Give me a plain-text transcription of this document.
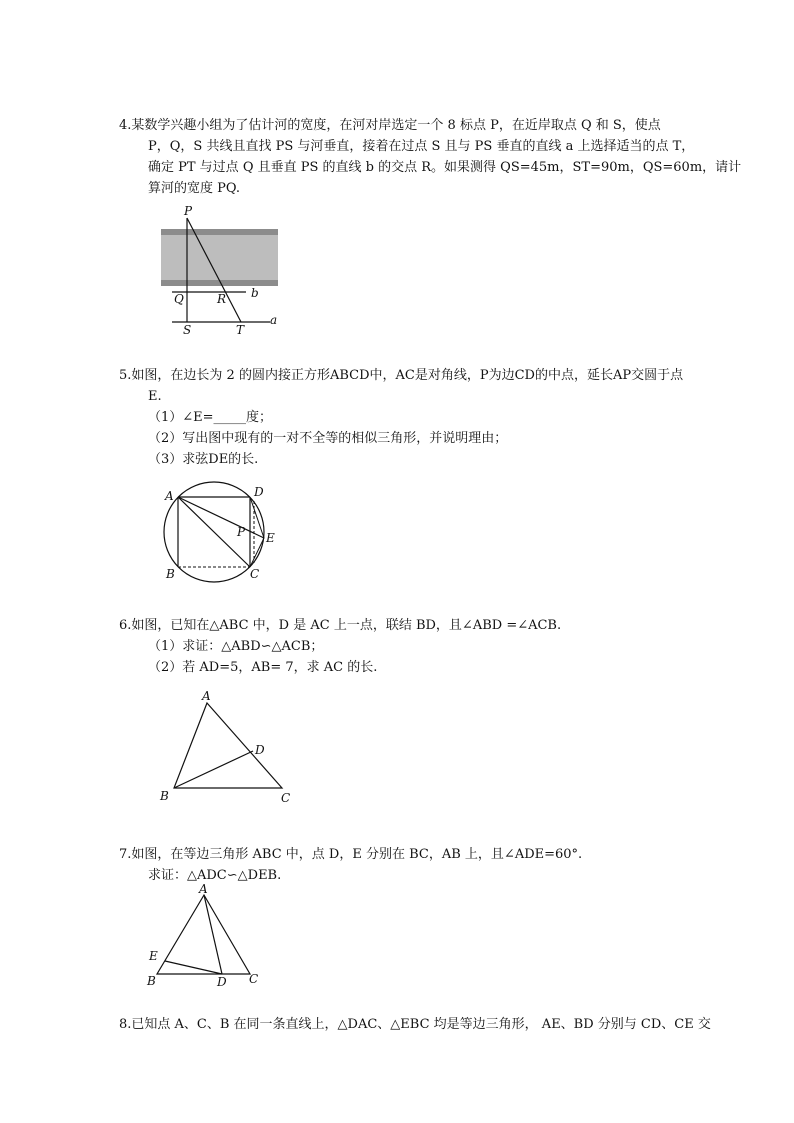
4.某数学兴趣小组为了估计河的宽度，在河对岸选定一个 8 标点 P，在近岸取点 Q 和 S，使点
P，Q，S 共线且直找 PS 与河垂直，接着在过点 S 且与 PS 垂直的直线 a 上选择适当的点 T，
确定 PT 与过点 Q 且垂直 PS 的直线 b 的交点 R。如果测得 QS=45m，ST=90m，QS=60m，请计
算河的宽度 PQ.
P
Q	R b
S	T
a
5.如图，在边长为 2 的圆内接正方形ABCD中，AC是对角线，P为边CD的中点，延长AP交圆于点
E.
（1）∠E=_____度；
（2）写出图中现有的一对不全等的相似三角形，并说明理由；
（3）求弦DE的长.
A	D
B	C
P E
6.如图，已知在△ABC 中，D 是 AC 上一点，联结 BD，且∠ABD =∠ACB.
（1）求证：△ABD∽△ACB；
（2）若 AD=5，AB= 7，求 AC 的长.
A
D
B	C
7.如图，在等边三角形 ABC 中，点 D，E 分别在 BC，AB 上，且∠ADE=60°.
求证：△ADC∽△DEB.
A
E
B	D C
8.已知点 A、C、B 在同一条直线上，△DAC、△EBC 均是等边三角形， AE、BD 分别与 CD、CE 交
